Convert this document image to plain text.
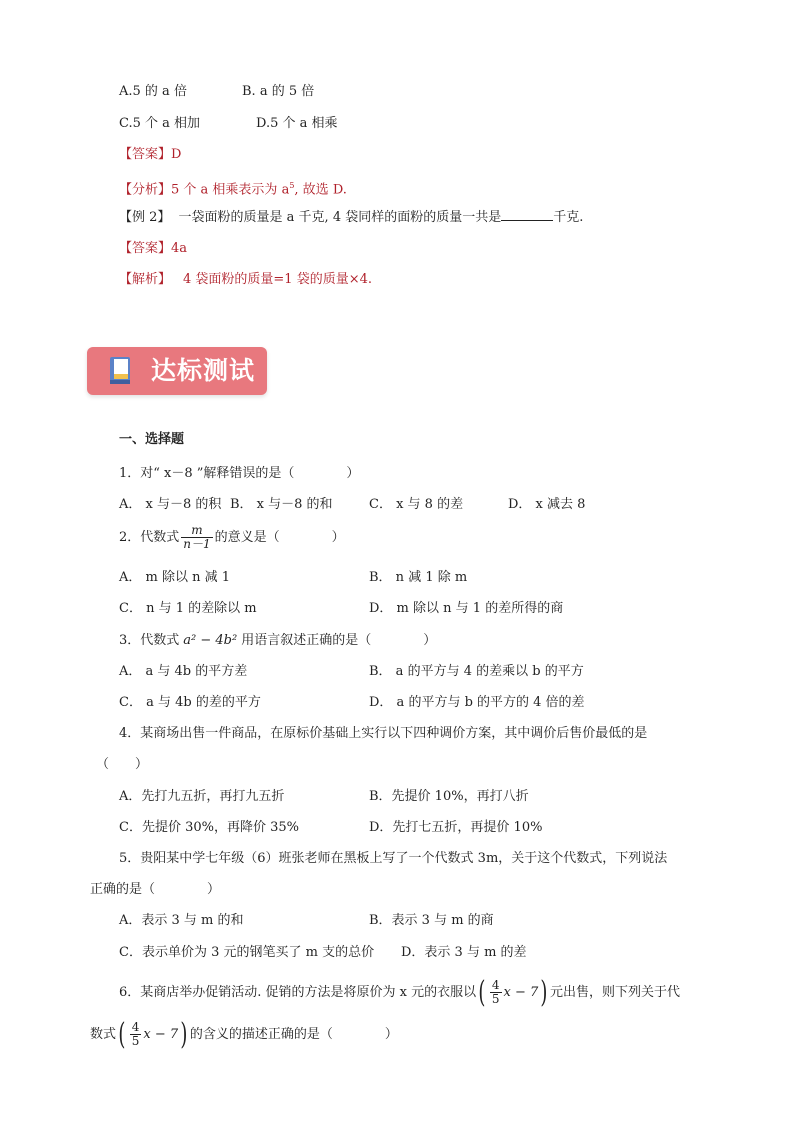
A.5 的 a 倍	B. a 的 5 倍
C.5 个 a 相加	D.5 个 a 相乘
【答案】D
【分析】5 个 a 相乘表示为 $a^5$, 故选 D.
【例 2】 一袋面粉的质量是 a 千克, 4 袋同样的面粉的质量一共是	千克.
【答案】4a
【解析】 4 袋面粉的质量=1 袋的质量×4.
达标测试
一、选择题
1．对“ x－8 ”解释错误的是（　　　　）
A． x 与－8 的积 B． x 与－8 的和	C． x 与 8 的差	D． x 减去 8
2．代数式 $\frac{m}{n-1}$ 的意义是（　　　　）
A． m 除以 n 减 1	B． n 减 1 除 m
C． n 与 1 的差除以 m	D． m 除以 n 与 1 的差所得的商
3．代数式 a² − 4b² 用语言叙述正确的是（　　　　）
A． a 与 4b 的平方差	B． a 的平方与 4 的差乘以 b 的平方
C． a 与 4b 的差的平方	D． a 的平方与 b 的平方的 4 倍的差
4．某商场出售一件商品，在原标价基础上实行以下四种调价方案，其中调价后售价最低的是
（　　）
A．先打九五折，再打九五折	B．先提价 10%，再打八折
C．先提价 30%，再降价 35%	D．先打七五折，再提价 10%
5．贵阳某中学七年级（6）班张老师在黑板上写了一个代数式 3m，关于这个代数式，下列说法
正确的是（　　　　）
A．表示 3 与 m 的和	B．表示 3 与 m 的商
C．表示单价为 3 元的钢笔买了 m 支的总价 D．表示 3 与 m 的差
6．某商店举办促销活动. 促销的方法是将原价为 x 元的衣服以( $\frac{4}{5}$ x − 7) 元出售，则下列关于代
数式( $\frac{4}{5}$ x − 7) 的含义的描述正确的是（　　　　）
